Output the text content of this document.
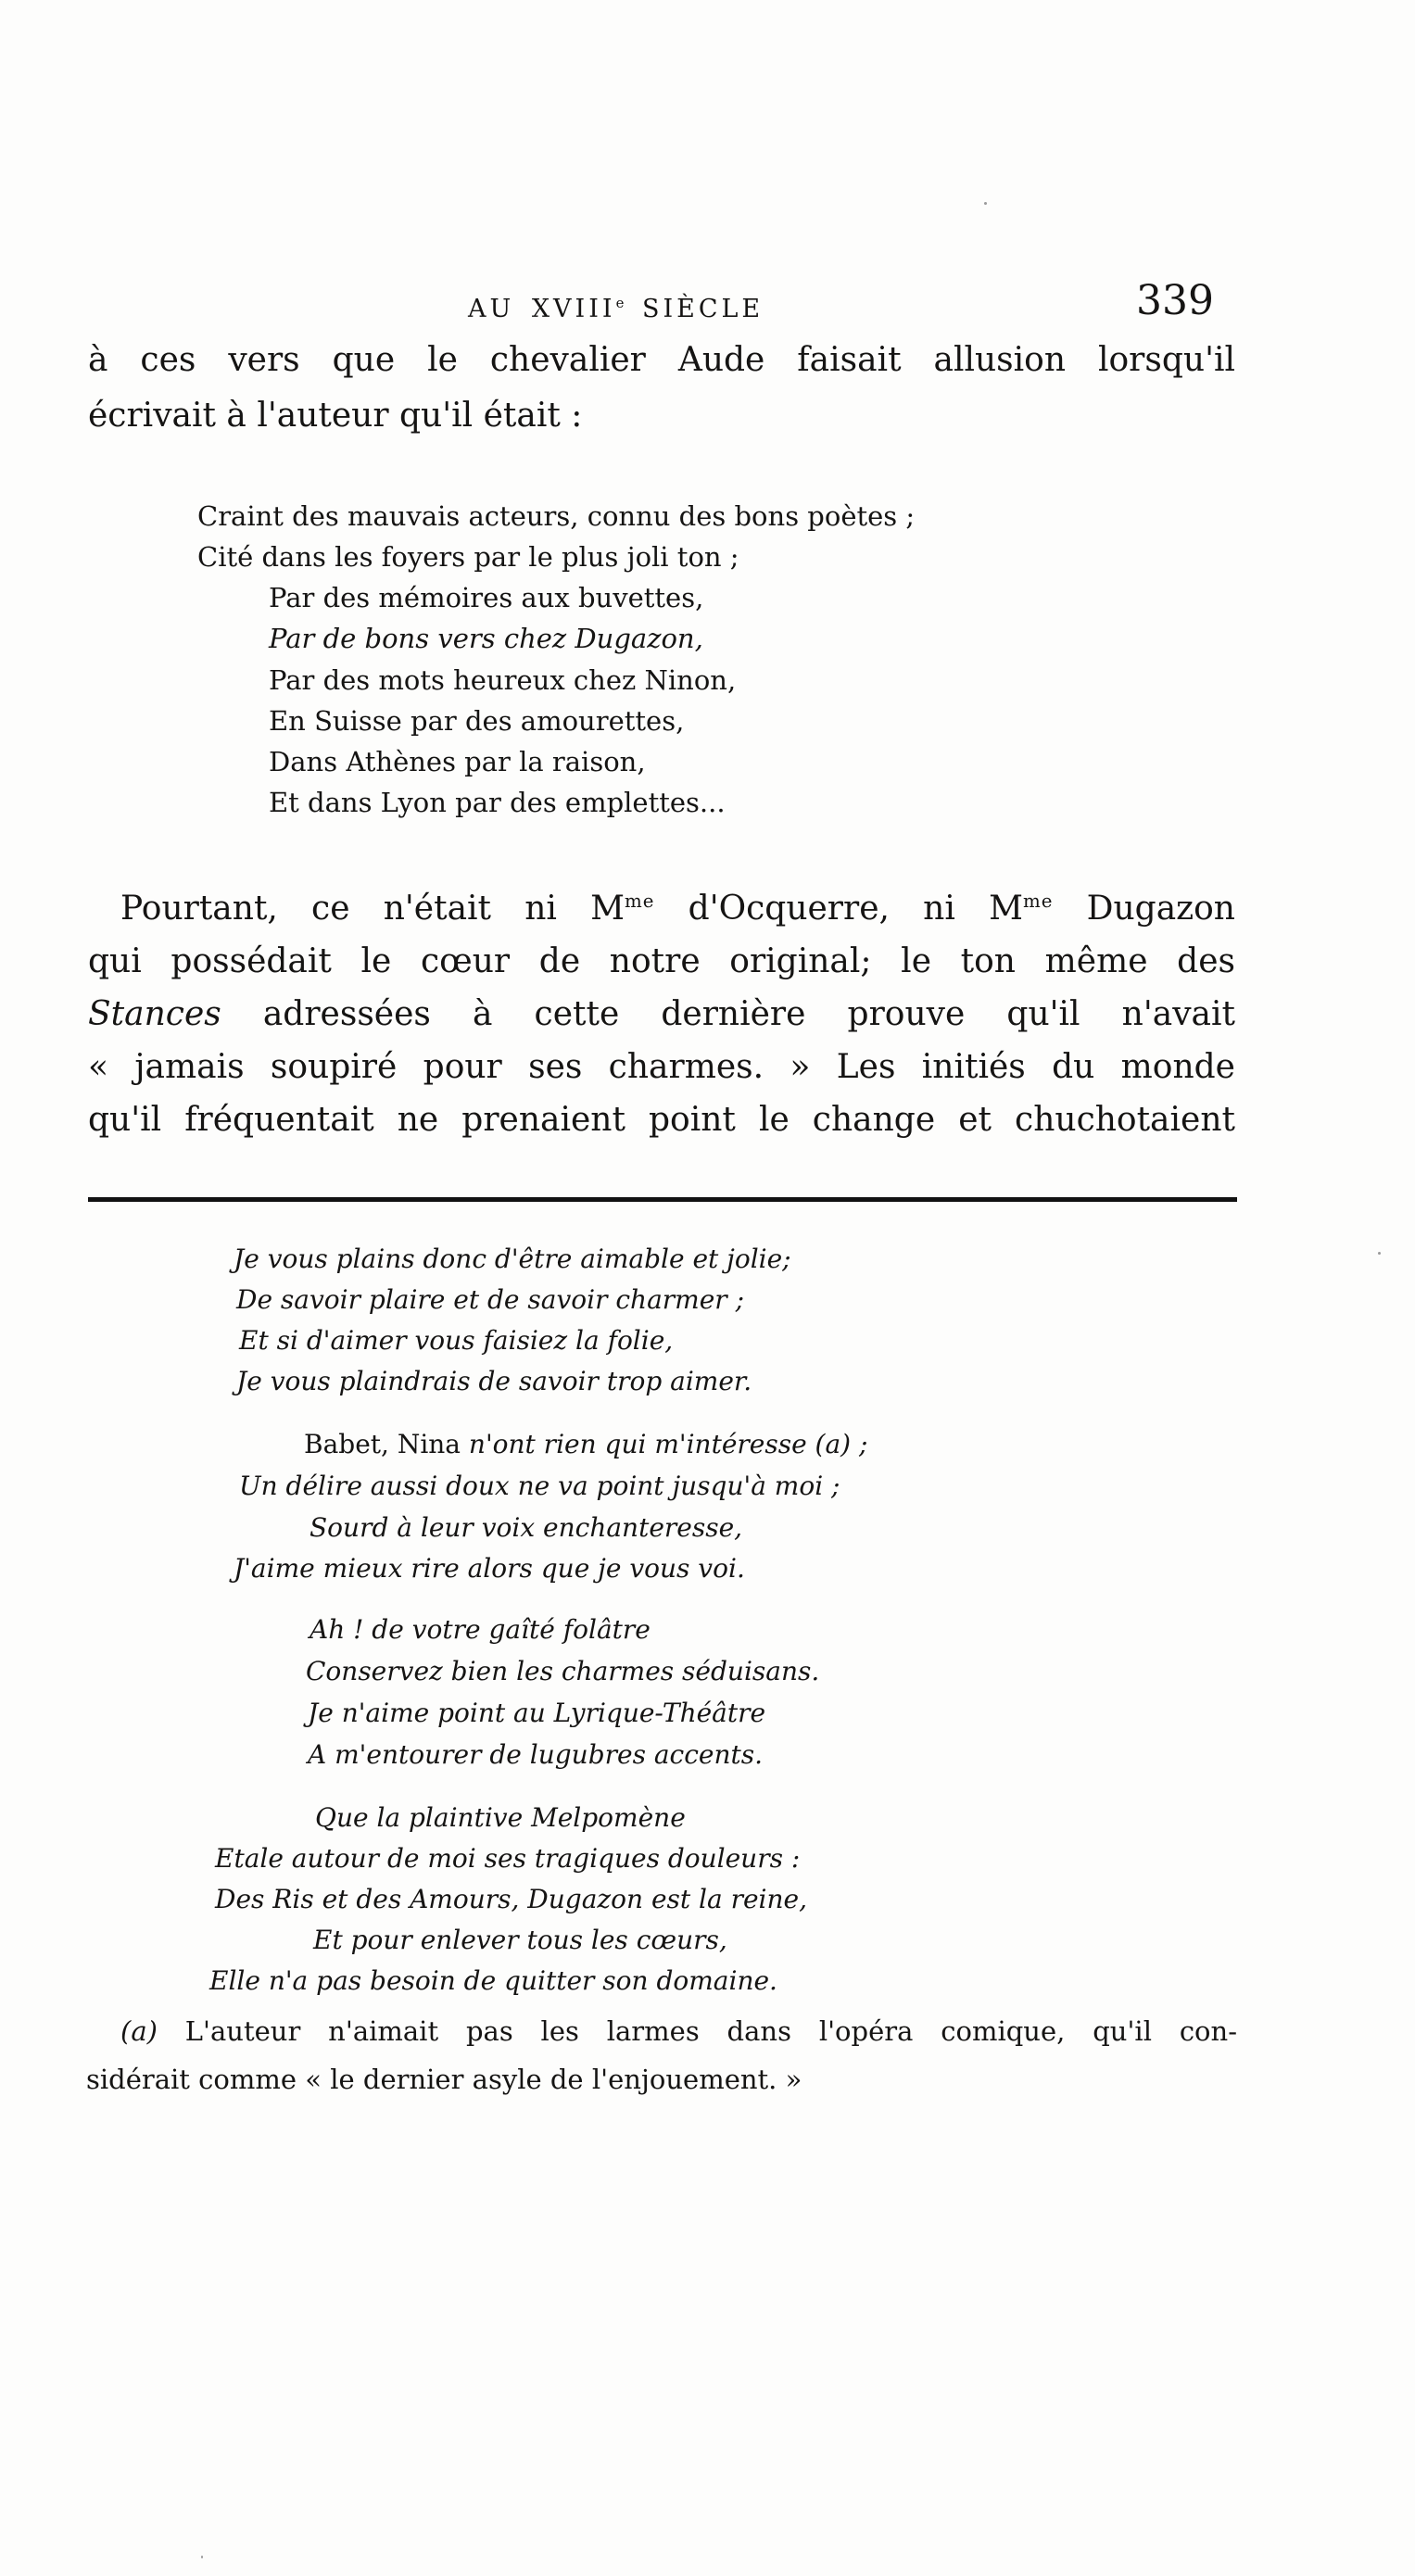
AU XVIIIe SIÈCLE	339
à ces vers que le chevalier Aude faisait allusion lorsqu'il
écrivait à l'auteur qu'il était :
Craint des mauvais acteurs, connu des bons poètes ;
Cité dans les foyers par le plus joli ton ;
Par des mémoires aux buvettes,
Par de bons vers chez Dugazon,
Par des mots heureux chez Ninon,
En Suisse par des amourettes,
Dans Athènes par la raison,
Et dans Lyon par des emplettes...
Pourtant, ce n'était ni $M^{me}$ d'Ocquerre, ni $M^{me}$ Dugazon
qui possédait le cœur de notre original; le ton même des
Stances adressées à cette dernière prouve qu'il n'avait
« jamais soupiré pour ses charmes. » Les initiés du monde
qu'il fréquentait ne prenaient point le change et chuchotaient
Je vous plains donc d'être aimable et jolie;
De savoir plaire et de savoir charmer ;
Et si d'aimer vous faisiez la folie,
Je vous plaindrais de savoir trop aimer.
Babet, Nina n'ont rien qui m'intéresse (a) ;
Un délire aussi doux ne va point jusqu'à moi ;
Sourd à leur voix enchanteresse,
J'aime mieux rire alors que je vous voi.
Ah ! de votre gaîté folâtre
Conservez bien les charmes séduisans.
Je n'aime point au Lyrique-Théâtre
A m'entourer de lugubres accents.
Que la plaintive Melpomène
Etale autour de moi ses tragiques douleurs :
Des Ris et des Amours, Dugazon est la reine,
Et pour enlever tous les cœurs,
Elle n'a pas besoin de quitter son domaine.
(a) L'auteur n'aimait pas les larmes dans l'opéra comique, qu'il con-
sidérait comme « le dernier asyle de l'enjouement. »
